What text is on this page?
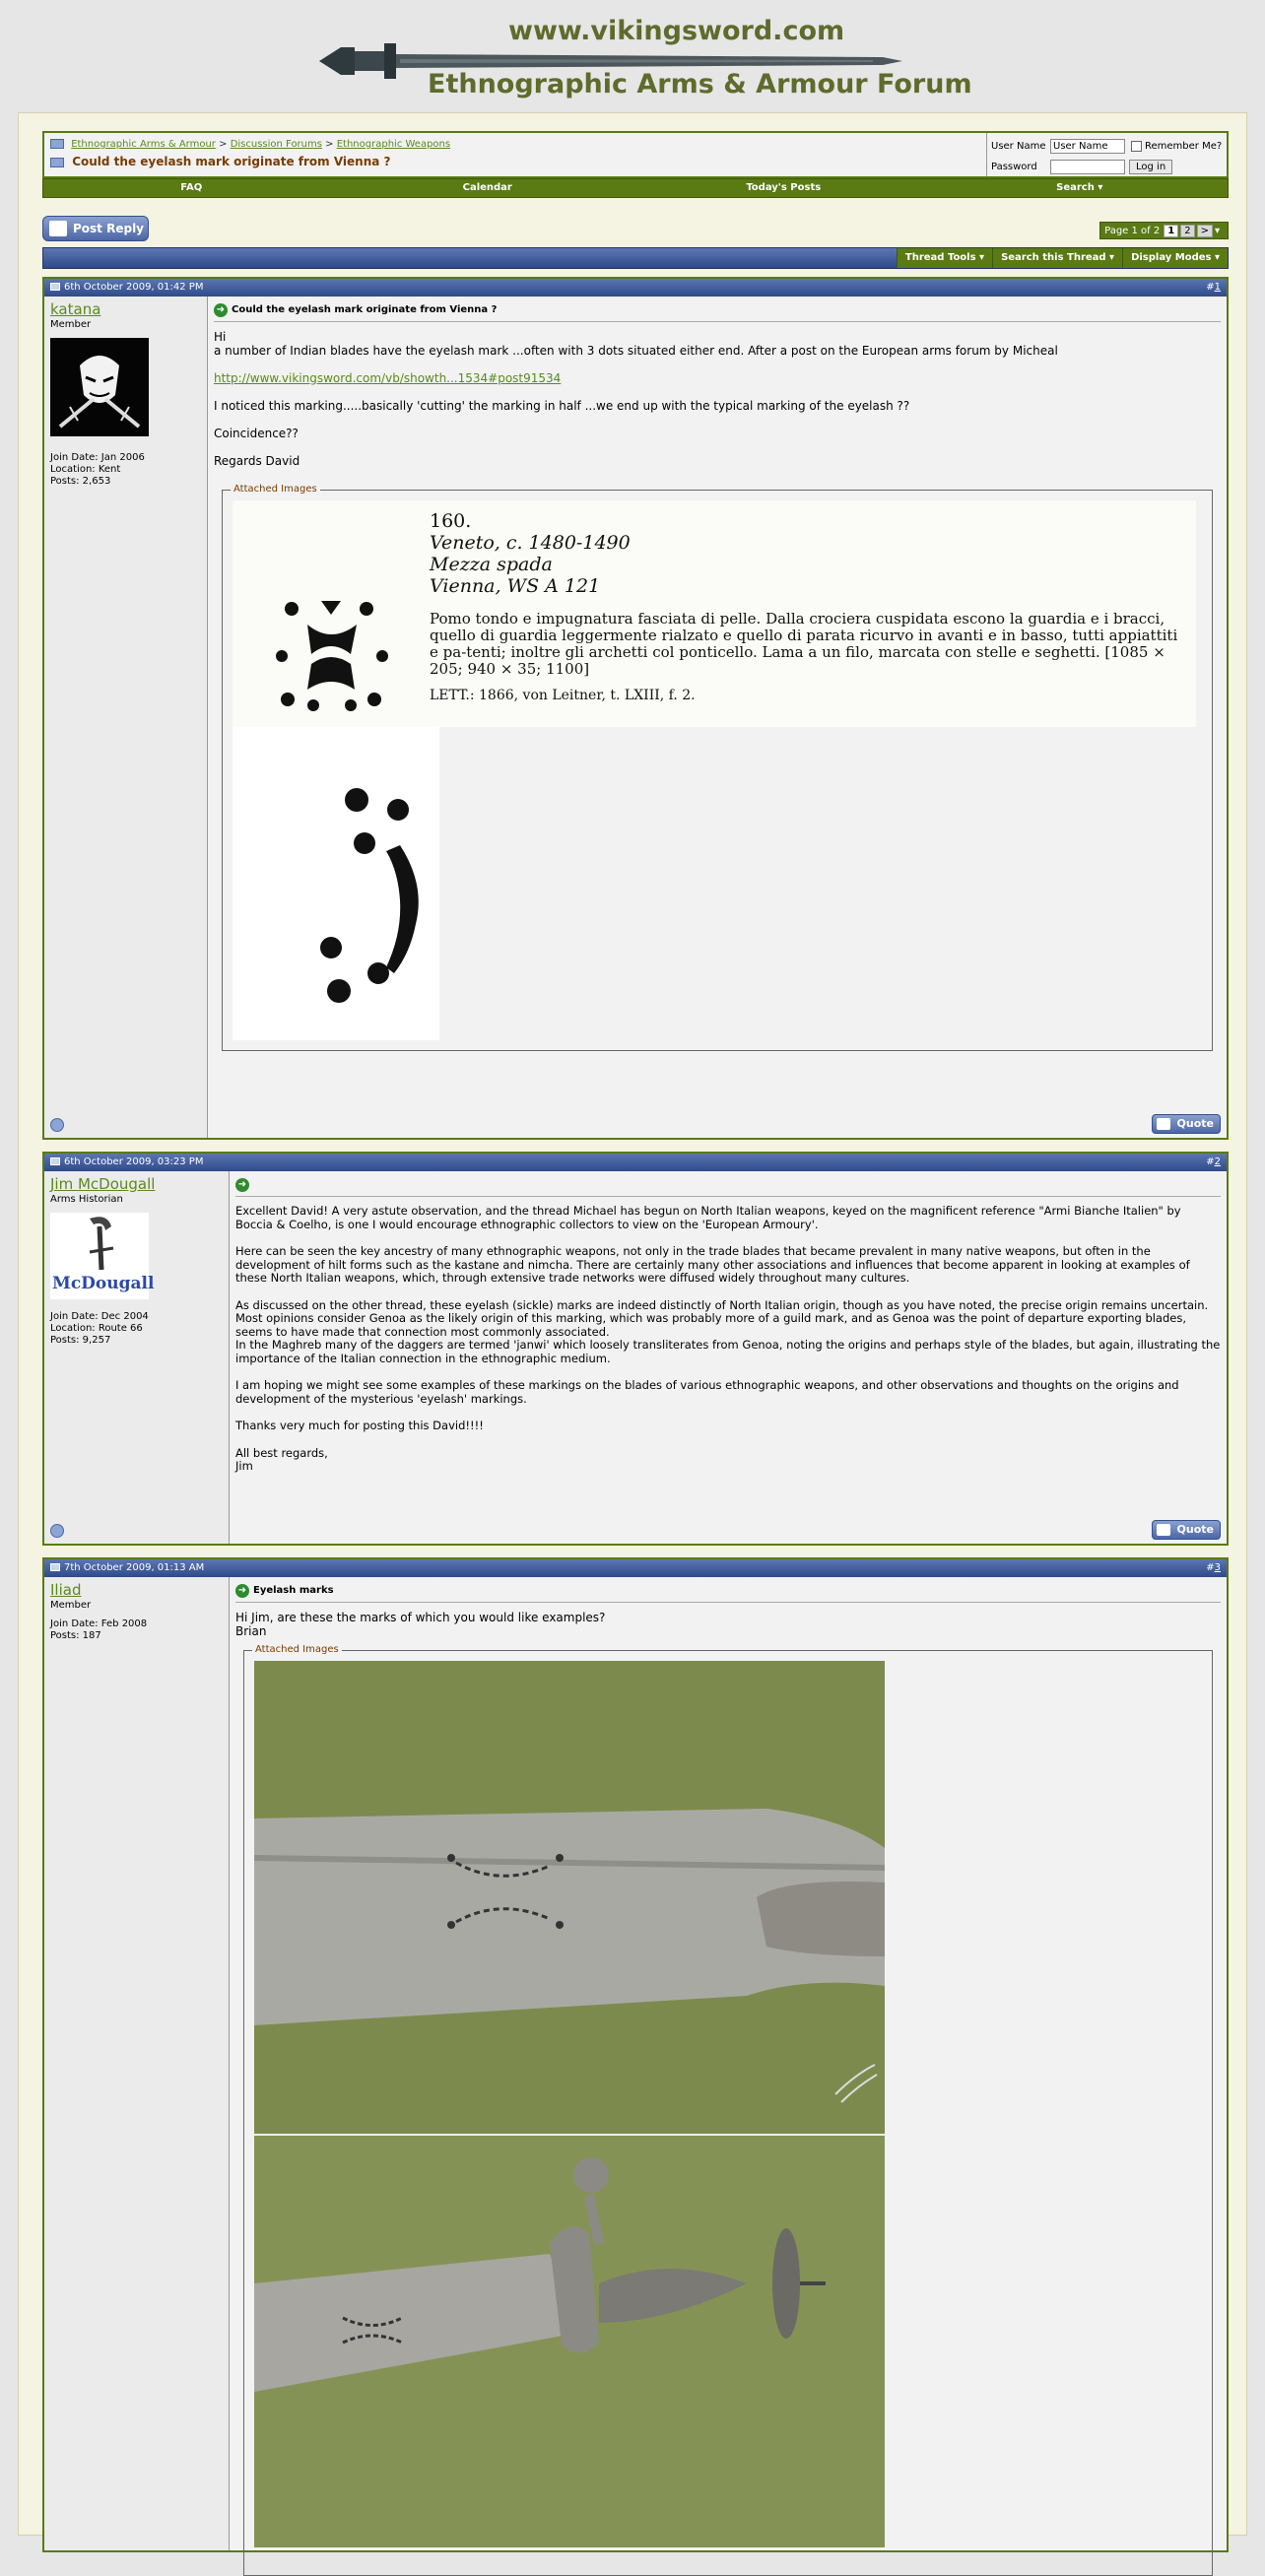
www.vikingsword.com
Ethnographic Arms & Armour Forum
Ethnographic Arms & Armour > Discussion Forums > Ethnographic Weapons
Could the eyelash mark originate from Vienna ?
User Name
User Name	Remember Me?
Password	Log in
FAQ	Calendar	Today's Posts	Search ▾
Post Reply	Page 1 of 2 1	2	> ▾
Thread Tools ▾	Search this Thread ▾	Display Modes ▾
6th October 2009, 01:42 PM	#1
katana
Member
Join Date: Jan 2006
Location: Kent
Posts: 2,653
➜ Could the eyelash mark originate from Vienna ?

Hi
a number of Indian blades have the eyelash mark ...often with 3 dots situated either end. After a post on the European arms forum by Micheal

http://www.vikingsword.com/vb/showth...1534#post91534

I noticed this marking.....basically 'cutting' the marking in half ...we end up with the typical marking of the eyelash ??

Coincidence??

Regards David

Attached Images
160.
Veneto, c. 1480-1490
Mezza spada
Vienna, WS A 121
Pomo tondo e impugnatura fasciata di pelle. Dalla crociera cuspidata escono la guardia e i bracci, quello di guardia leggermente rialzato e quello di parata ricurvo in avanti e in basso, tutti appiattiti e pa-tenti; inoltre gli archetti col ponticello. Lama a un filo, marcata con stelle e seghetti. [1085 × 205; 940 × 35; 1100]
LETT.: 1866, von Leitner, t. LXIII, f. 2.
Quote
6th October 2009, 03:23 PM	#2
Jim McDougall
Arms Historian
McDougall
Join Date: Dec 2004
Location: Route 66
Posts: 9,257
➜

Excellent David! A very astute observation, and the thread Michael has begun on North Italian weapons, keyed on the magnificent reference "Armi Bianche Italien" by Boccia & Coelho, is one I would encourage ethnographic collectors to view on the 'European Armoury'.

Here can be seen the key ancestry of many ethnographic weapons, not only in the trade blades that became prevalent in many native weapons, but often in the development of hilt forms such as the kastane and nimcha. There are certainly many other associations and influences that become apparent in looking at examples of these North Italian weapons, which, through extensive trade networks were diffused widely throughout many cultures.

As discussed on the other thread, these eyelash (sickle) marks are indeed distinctly of North Italian origin, though as you have noted, the precise origin remains uncertain. Most opinions consider Genoa as the likely origin of this marking, which was probably more of a guild mark, and as Genoa was the point of departure exporting blades, seems to have made that connection most commonly associated.

In the Maghreb many of the daggers are termed 'janwi' which loosely transliterates from Genoa, noting the origins and perhaps style of the blades, but again, illustrating the importance of the Italian connection in the ethnographic medium.

I am hoping we might see some examples of these markings on the blades of various ethnographic weapons, and other observations and thoughts on the origins and development of the mysterious 'eyelash' markings.

Thanks very much for posting this David!!!!

All best regards,

Jim

Quote
7th October 2009, 01:13 AM	#3
Iliad
Member
Join Date: Feb 2008
Posts: 187
➜ Eyelash marks

Hi Jim, are these the marks of which you would like examples?

Brian

Attached Images
